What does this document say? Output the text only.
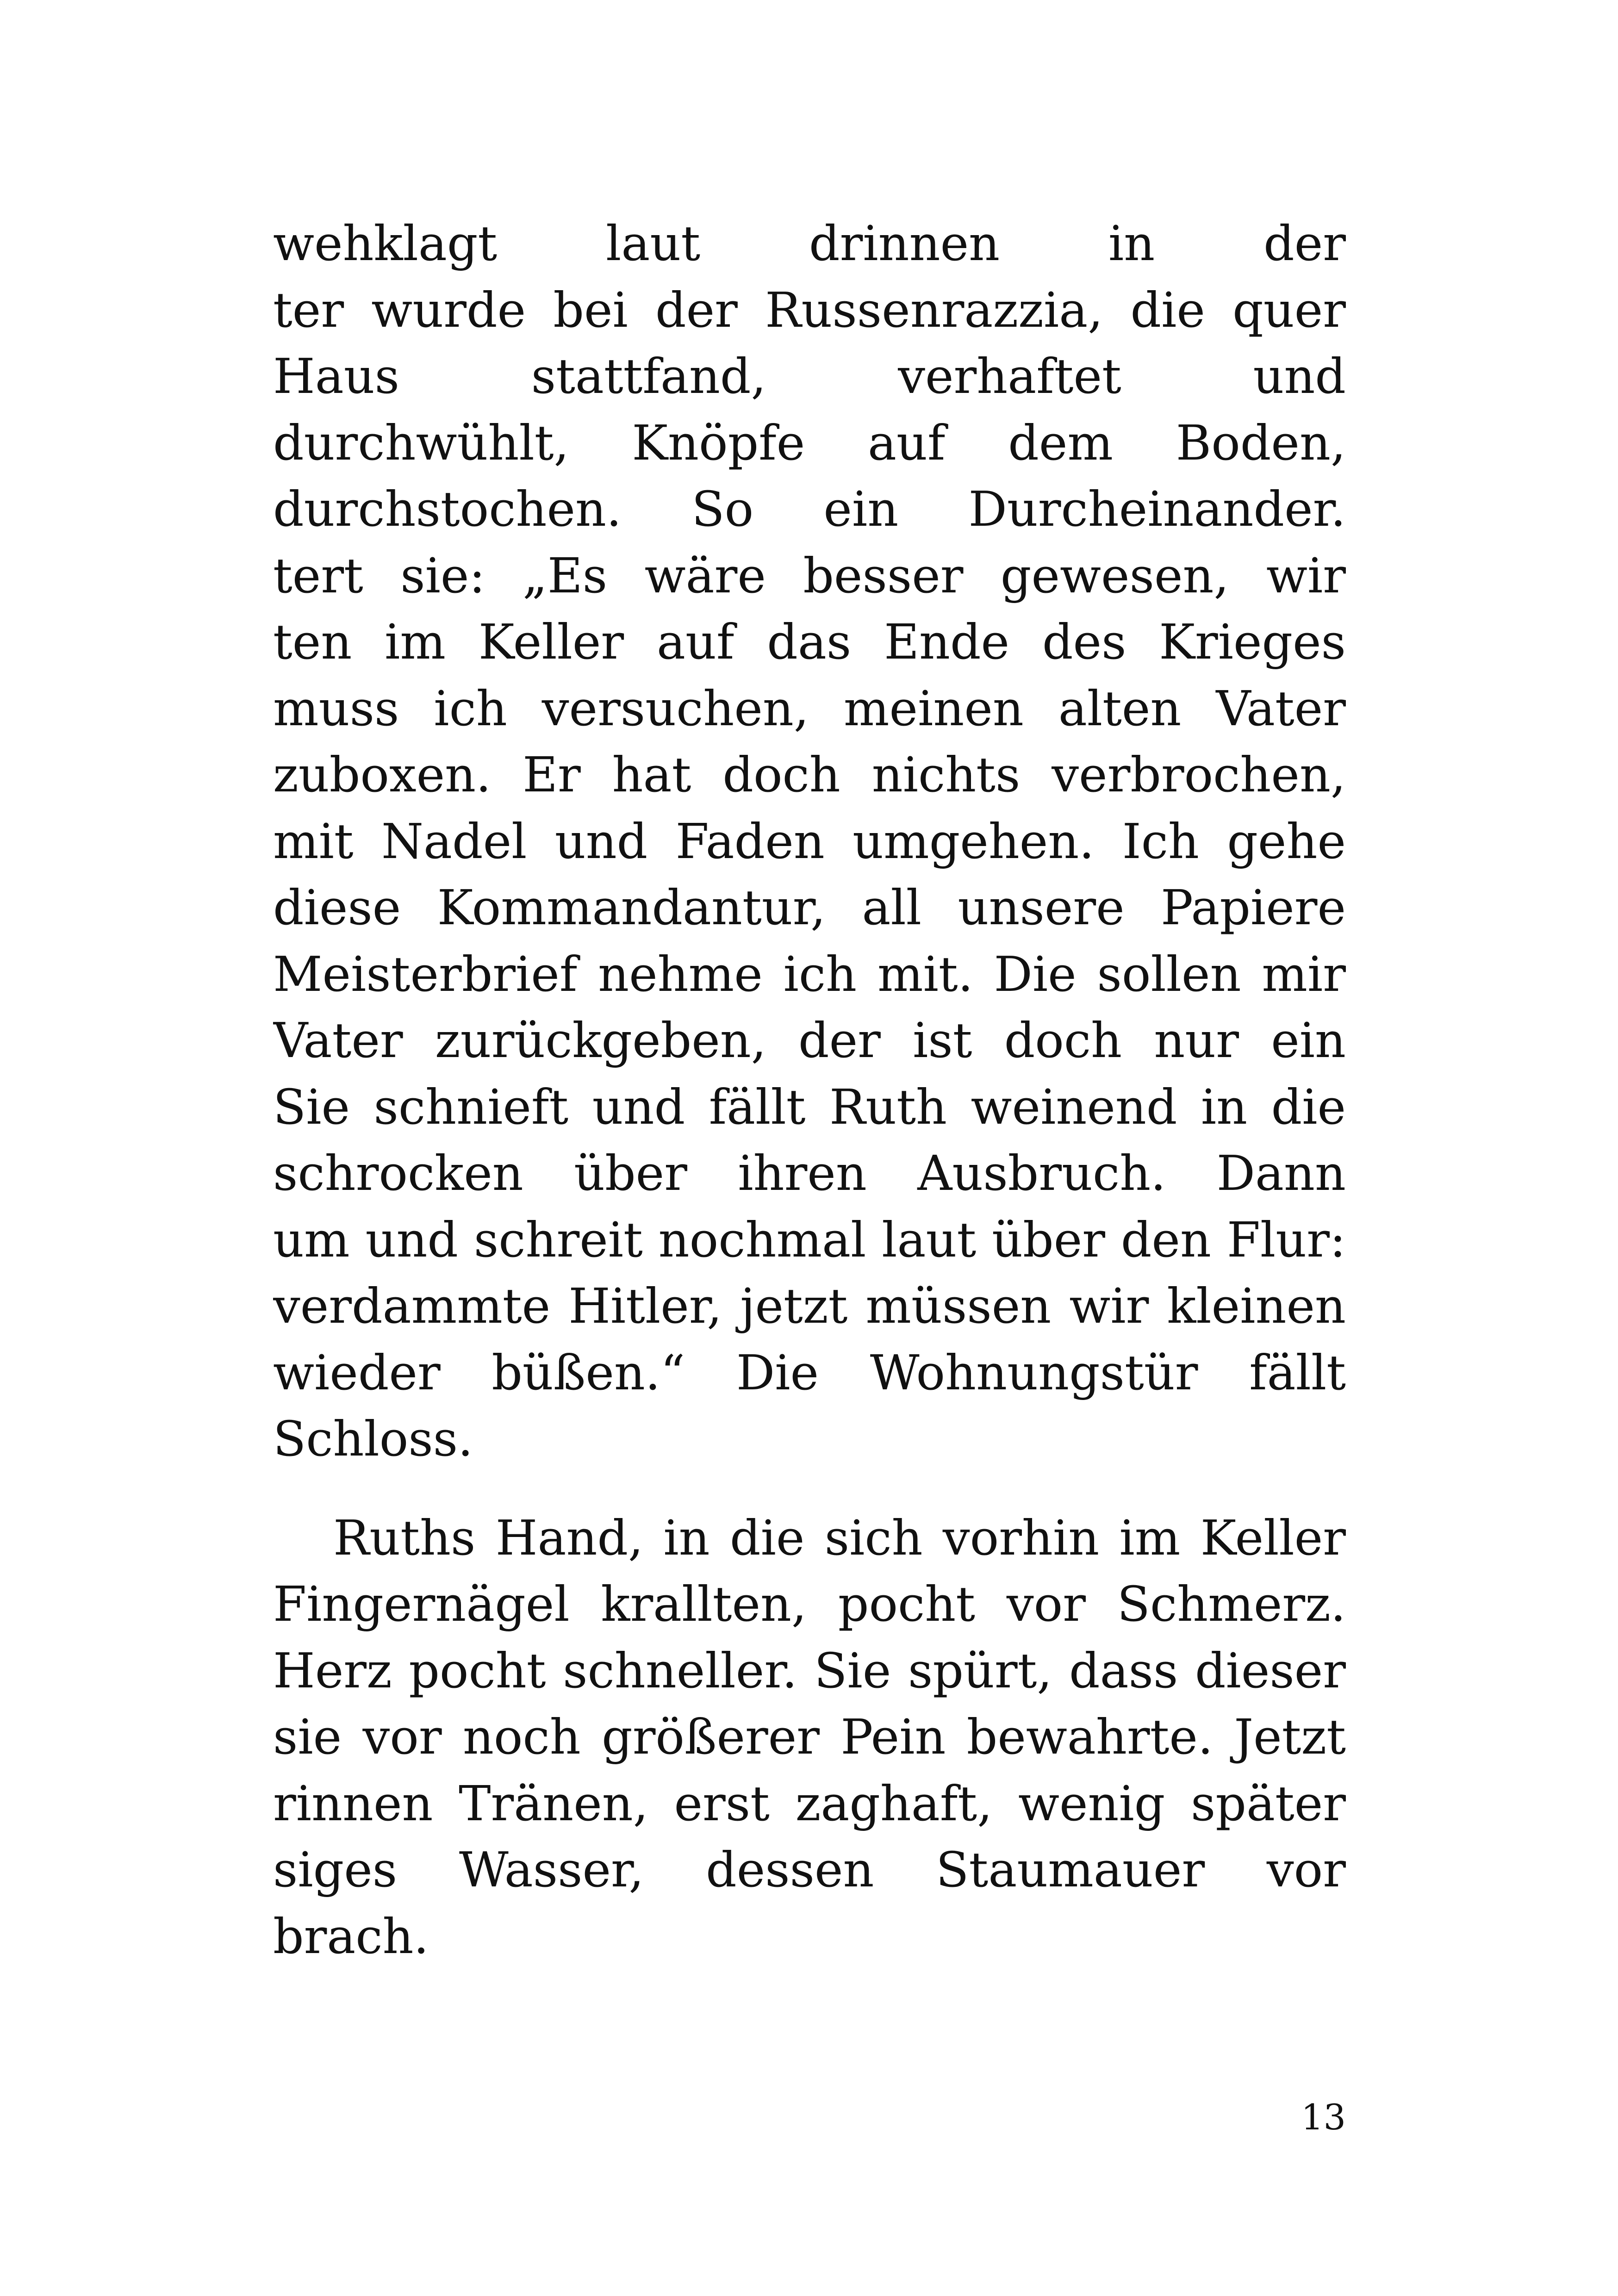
wehklagt laut drinnen in der
ter wurde bei der Russenrazzia, die quer
Haus stattfand, verhaftet und
durchwühlt, Knöpfe auf dem Boden,
durchstochen. So ein Durcheinander.
tert sie: „Es wäre besser gewesen, wir
ten im Keller auf das Ende des Krieges
muss ich versuchen, meinen alten Vater
zuboxen. Er hat doch nichts verbrochen,
mit Nadel und Faden umgehen. Ich gehe
diese Kommandantur, all unsere Papiere
Meisterbrief nehme ich mit. Die sollen mir
Vater zurückgeben, der ist doch nur ein
Sie schnieft und fällt Ruth weinend in die
schrocken über ihren Ausbruch. Dann
um und schreit nochmal laut über den Flur:
verdammte Hitler, jetzt müssen wir kleinen
wieder büßen.“ Die Wohnungstür fällt
Schloss.
Ruths Hand, in die sich vorhin im Keller
Fingernägel krallten, pocht vor Schmerz.
Herz pocht schneller. Sie spürt, dass dieser
sie vor noch größerer Pein bewahrte. Jetzt
rinnen Tränen, erst zaghaft, wenig später
siges Wasser, dessen Staumauer vor
brach.
13
